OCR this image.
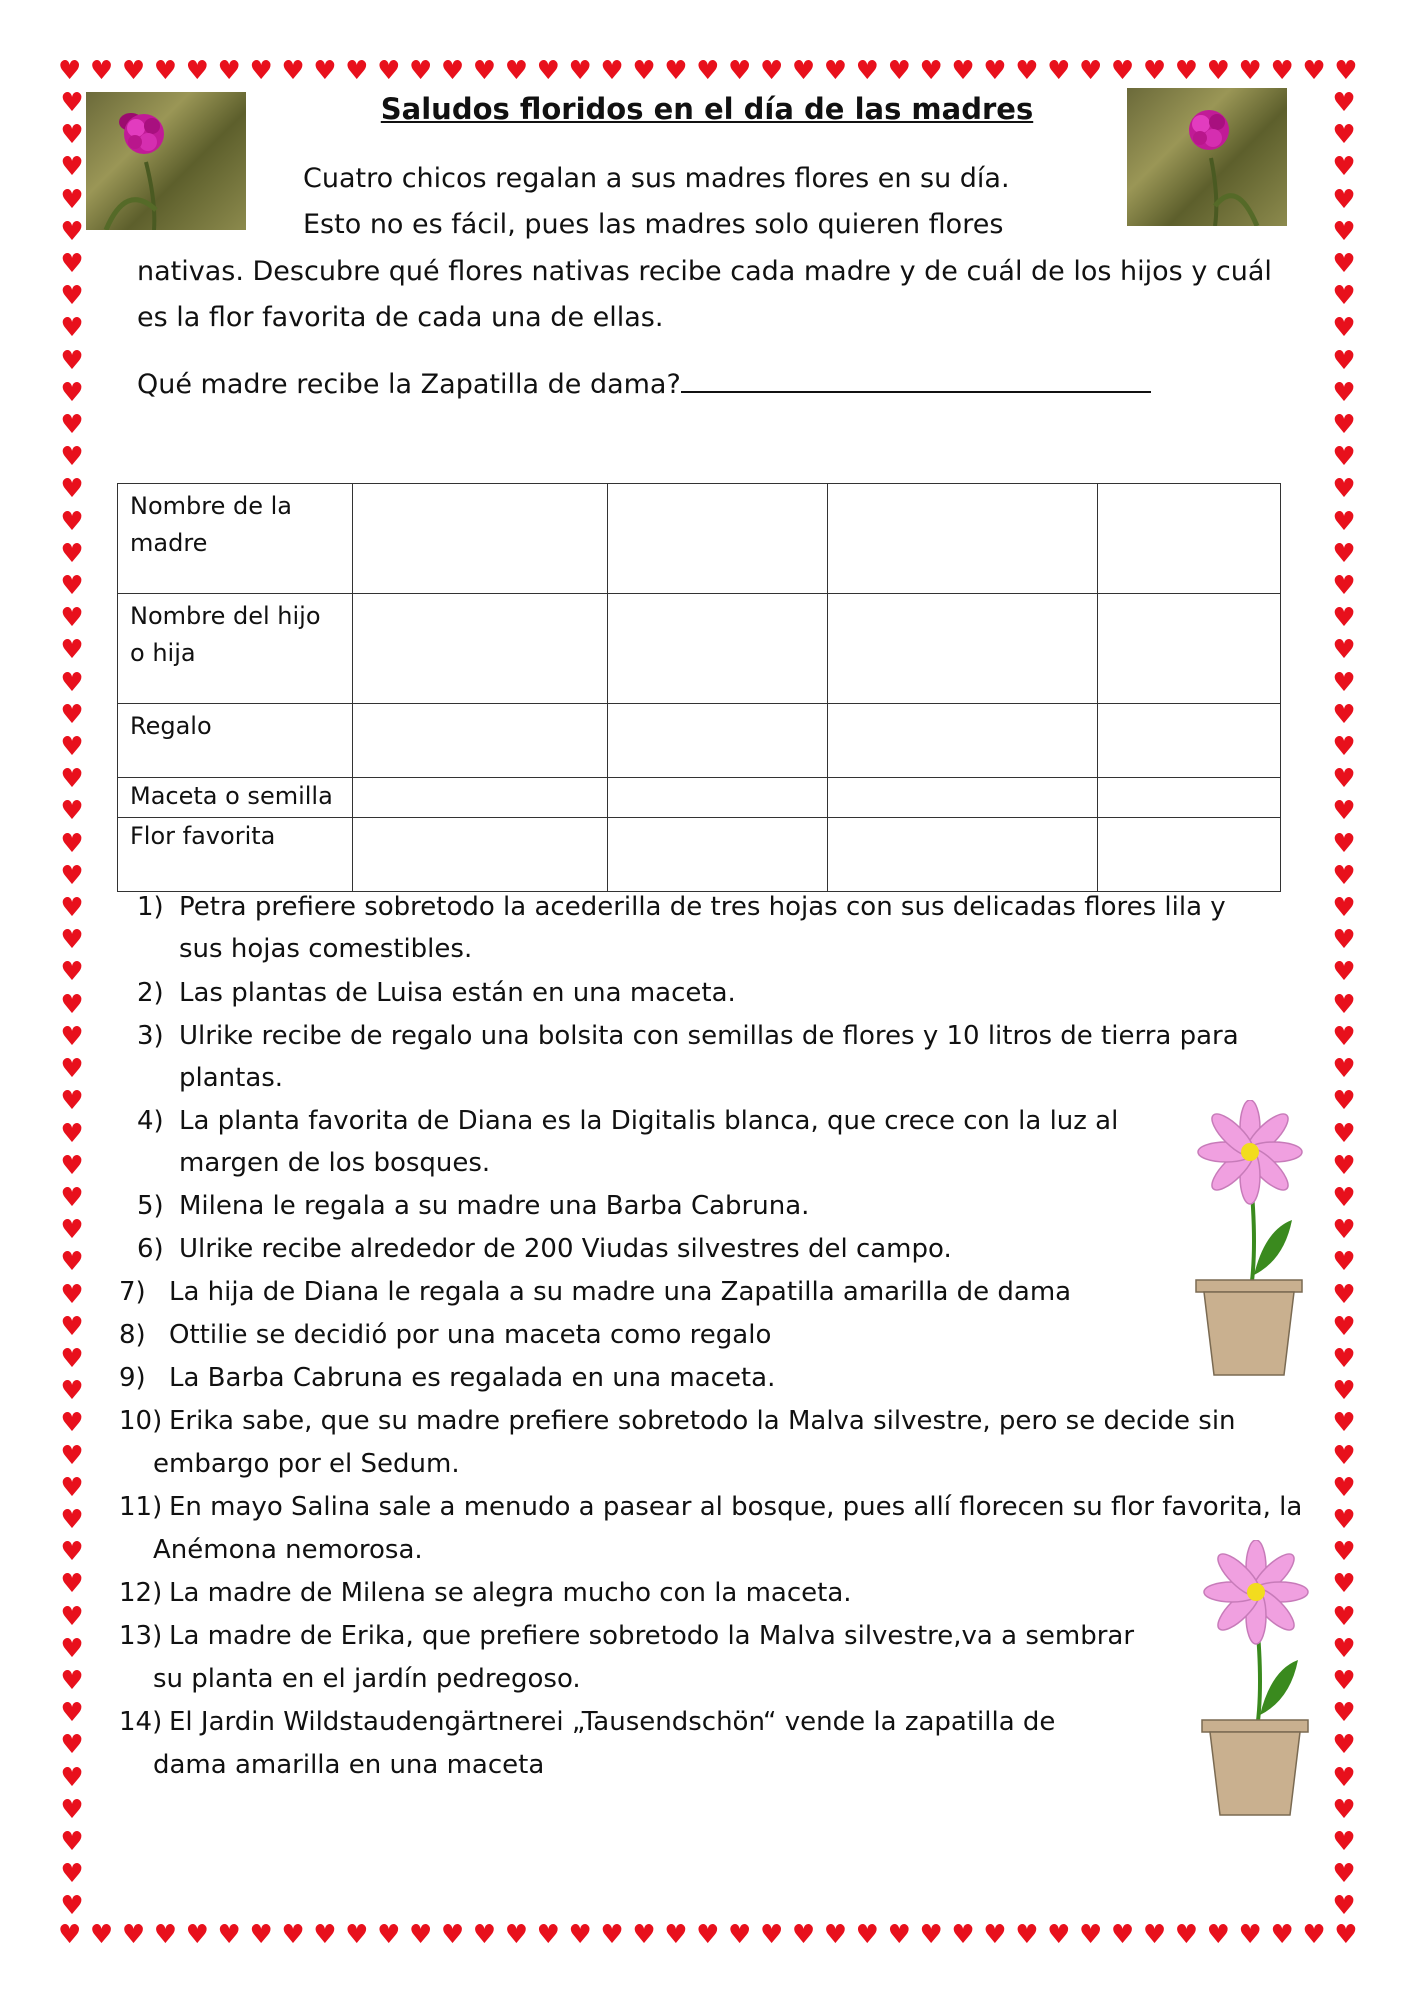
♥ ♥ ♥ ♥ ♥ ♥ ♥ ♥ ♥ ♥ ♥ ♥ ♥ ♥ ♥ ♥ ♥ ♥ ♥ ♥ ♥ ♥ ♥ ♥ ♥ ♥ ♥ ♥ ♥ ♥ ♥ ♥ ♥ ♥ ♥ ♥ ♥ ♥ ♥ ♥ ♥
♥ ♥ ♥ ♥ ♥ ♥ ♥ ♥ ♥ ♥ ♥ ♥ ♥ ♥ ♥ ♥ ♥ ♥ ♥ ♥ ♥ ♥ ♥ ♥ ♥ ♥ ♥ ♥ ♥ ♥ ♥ ♥ ♥ ♥ ♥ ♥ ♥ ♥ ♥ ♥ ♥
♥
♥
♥
♥
♥
♥
♥
♥
♥
♥
♥
♥
♥
♥
♥
♥
♥
♥
♥
♥
♥
♥
♥
♥
♥
♥
♥
♥
♥
♥
♥
♥
♥
♥
♥
♥
♥
♥
♥
♥
♥
♥
♥
♥
♥
♥
♥
♥
♥
♥
♥
♥
♥
♥
♥
♥
♥
♥
♥
♥
♥
♥
♥
♥
♥
♥
♥
♥
♥
♥
♥
♥
♥
♥
♥
♥
♥
♥
♥
♥
♥
♥
♥
♥
♥
♥
♥
♥
♥
♥
♥
♥
♥
♥
♥
♥
♥
♥
♥
♥
♥
♥
♥
♥
♥
♥
♥
♥
♥
♥
♥
♥
♥
♥
Saludos floridos en el día de las madres
Cuatro chicos regalan a sus madres flores en su día.
Esto no es fácil, pues las madres solo quieren flores
nativas. Descubre qué flores nativas recibe cada madre y de cuál de los hijos y cuál
es la flor favorita de cada una de ellas.
Qué madre recibe la Zapatilla de dama?
Nombre de la
madre				
Nombre del hijo
o hija				
Regalo				
Maceta o semilla				
Flor favorita				
1) Petra prefiere sobretodo la acederilla de tres hojas con sus delicadas flores lila y
sus hojas comestibles.
2) Las plantas de Luisa están en una maceta.
3) Ulrike recibe de regalo una bolsita con semillas de flores y 10 litros de tierra para
plantas.
4) La planta favorita de Diana es la Digitalis blanca, que crece con la luz al
margen de los bosques.
5) Milena le regala a su madre una Barba Cabruna.
6) Ulrike recibe alrededor de 200 Viudas silvestres del campo.
7) La hija de Diana le regala a su madre una Zapatilla amarilla de dama
8) Ottilie se decidió por una maceta como regalo
9) La Barba Cabruna es regalada en una maceta.
10) Erika sabe, que su madre prefiere sobretodo la Malva silvestre, pero se decide sin
embargo por el Sedum.
11) En mayo Salina sale a menudo a pasear al bosque, pues allí florecen su flor favorita, la
Anémona nemorosa.
12) La madre de Milena se alegra mucho con la maceta.
13) La madre de Erika, que prefiere sobretodo la Malva silvestre,va a sembrar
su planta en el jardín pedregoso.
14) El Jardin Wildstaudengärtnerei „Tausendschön“ vende la zapatilla de
dama amarilla en una maceta
